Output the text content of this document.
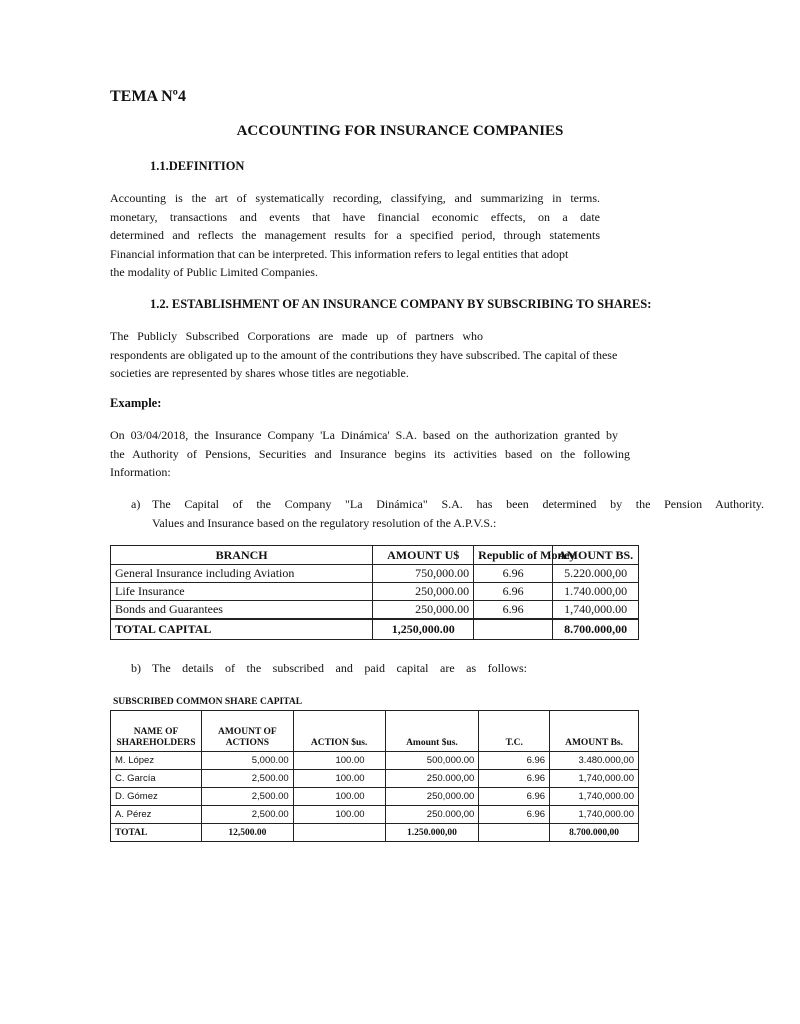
TEMA Nº4
ACCOUNTING FOR INSURANCE COMPANIES
1.1.DEFINITION
Accounting is the art of systematically recording, classifying, and summarizing in terms.
monetary, transactions and events that have financial economic effects, on a date
determined and reflects the management results for a specified period, through statements
Financial information that can be interpreted. This information refers to legal entities that adopt
the modality of Public Limited Companies.
1.2. ESTABLISHMENT OF AN INSURANCE COMPANY BY SUBSCRIBING TO SHARES:
The Publicly Subscribed Corporations are made up of partners who
respondents are obligated up to the amount of the contributions they have subscribed. The capital of these
societies are represented by shares whose titles are negotiable.
Example:
On 03/04/2018, the Insurance Company 'La Dinámica' S.A. based on the authorization granted by
the Authority of Pensions, Securities and Insurance begins its activities based on the following
Information:
a) The Capital of the Company "La Dinámica" S.A. has been determined by the Pension Authority.
Values and Insurance based on the regulatory resolution of the A.P.V.S.:
BRANCH	AMOUNT U$	Republic of Money	AMOUNT BS.
General Insurance including Aviation	750,000.00	6.96	5.220.000,00
Life Insurance	250,000.00	6.96	1.740.000,00
Bonds and Guarantees	250,000.00	6.96	1,740,000.00
TOTAL CAPITAL	1,250,000.00		8.700.000,00
b) The details of the subscribed and paid capital are as follows:
SUBSCRIBED COMMON SHARE CAPITAL
NAME OF SHAREHOLDERS	AMOUNT OF ACTIONS	ACTION $us.	Amount $us.	T.C.	AMOUNT Bs.
M. López	5,000.00	100.00	500,000.00	6.96	3.480.000,00
C. García	2,500.00	100.00	250.000,00	6.96	1,740,000.00
D. Gómez	2,500.00	100.00	250,000.00	6.96	1,740,000.00
A. Pérez	2,500.00	100.00	250.000,00	6.96	1,740,000.00
TOTAL	12,500.00		1.250.000,00		8.700.000,00
